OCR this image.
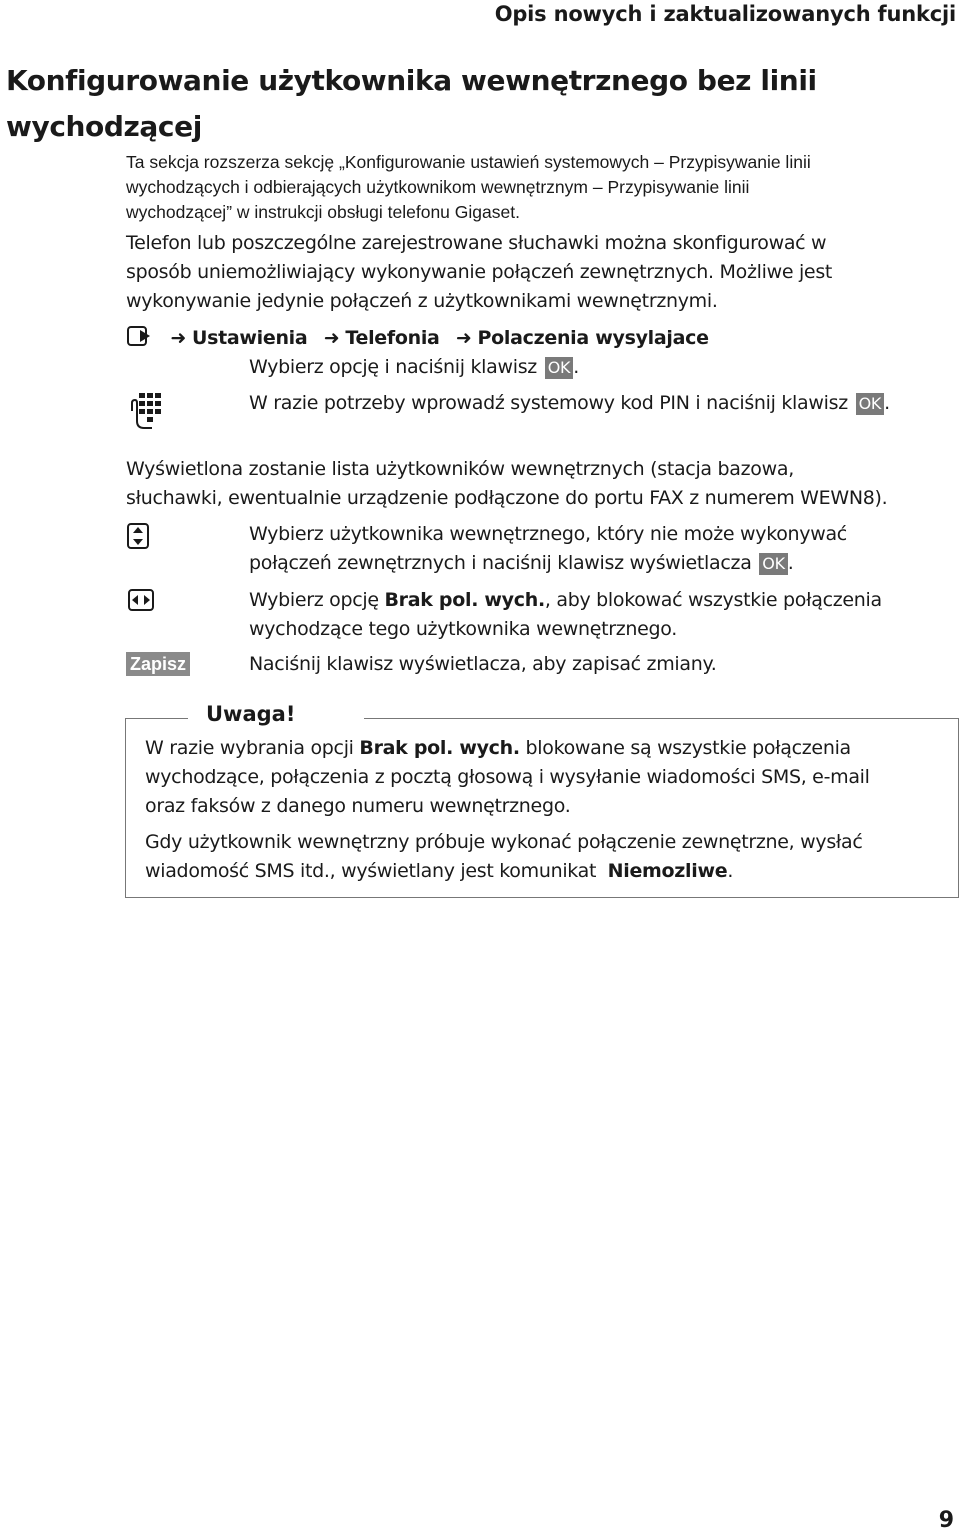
Opis nowych i zaktualizowanych funkcji
Konfigurowanie użytkownika wewnętrznego bez linii wychodzącej
Ta sekcja rozszerza sekcję „Konfigurowanie ustawień systemowych – Przypisywanie linii
wychodzących i odbierających użytkownikom wewnętrznym – Przypisywanie linii
wychodzącej” w instrukcji obsługi telefonu Gigaset.
Telefon lub poszczególne zarejestrowane słuchawki można skonfigurować w
sposób uniemożliwiający wykonywanie połączeń zewnętrznych. Możliwe jest
wykonywanie jedynie połączeń z użytkownikami wewnętrznymi.
➜ Ustawienia ➜ Telefonia ➜ Polaczenia wysylajace
Wybierz opcję i naciśnij klawisz OK .
W razie potrzeby wprowadź systemowy kod PIN i naciśnij klawisz OK .
Wyświetlona zostanie lista użytkowników wewnętrznych (stacja bazowa,
słuchawki, ewentualnie urządzenie podłączone do portu FAX z numerem WEWN8).
Wybierz użytkownika wewnętrznego, który nie może wykonywać
połączeń zewnętrznych i naciśnij klawisz wyświetlacza OK .
Wybierz opcję Brak pol. wych., aby blokować wszystkie połączenia
wychodzące tego użytkownika wewnętrznego.
Zapisz	Naciśnij klawisz wyświetlacza, aby zapisać zmiany.
Uwaga!
W razie wybrania opcji Brak pol. wych. blokowane są wszystkie połączenia
wychodzące, połączenia z pocztą głosową i wysyłanie wiadomości SMS, e-mail
oraz faksów z danego numeru wewnętrznego.
Gdy użytkownik wewnętrzny próbuje wykonać połączenie zewnętrzne, wysłać
wiadomość SMS itd., wyświetlany jest komunikat  Niemozliwe.
9
